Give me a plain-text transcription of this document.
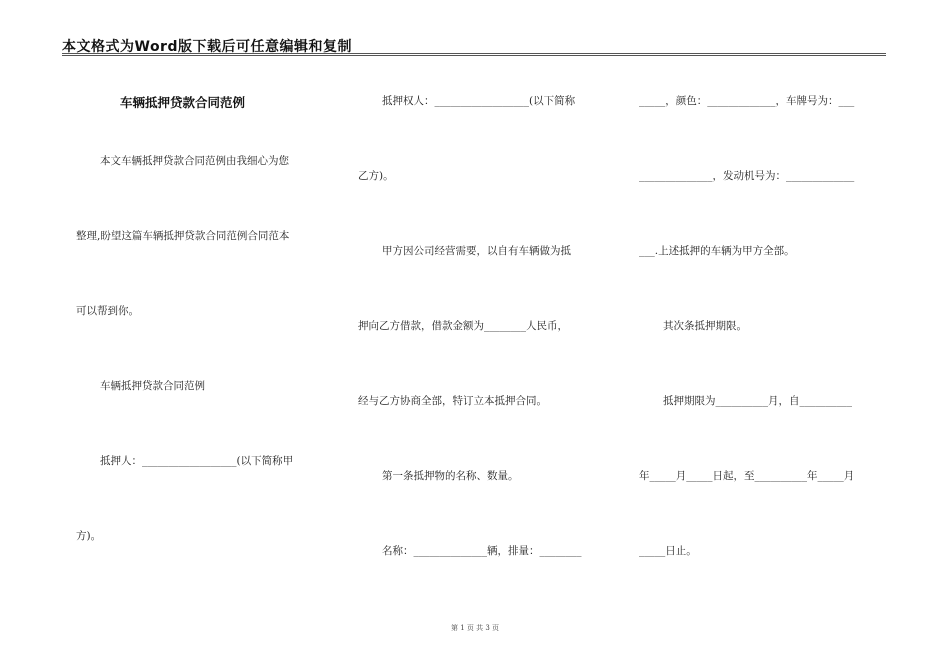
本文格式为Word版下载后可任意编辑和复制
车辆抵押贷款合同范例
本文车辆抵押贷款合同范例由我细心为您
整理,盼望这篇车辆抵押贷款合同范例合同范本
可以帮到你。
车辆抵押贷款合同范例
抵押人：__________________(以下简称甲
方)。
抵押权人：__________________(以下简称
乙方)。
甲方因公司经营需要，以自有车辆做为抵
押向乙方借款，借款金额为________人民币，
经与乙方协商全部，特订立本抵押合同。
第一条抵押物的名称、数量。
名称：______________辆，排量：________
_____，颜色：_____________，车牌号为：___
______________，发动机号为：_____________
___.上述抵押的车辆为甲方全部。
其次条抵押期限。
抵押期限为__________月，自__________
年_____月_____日起，至__________年_____月
_____日止。
第 1 页 共 3 页
